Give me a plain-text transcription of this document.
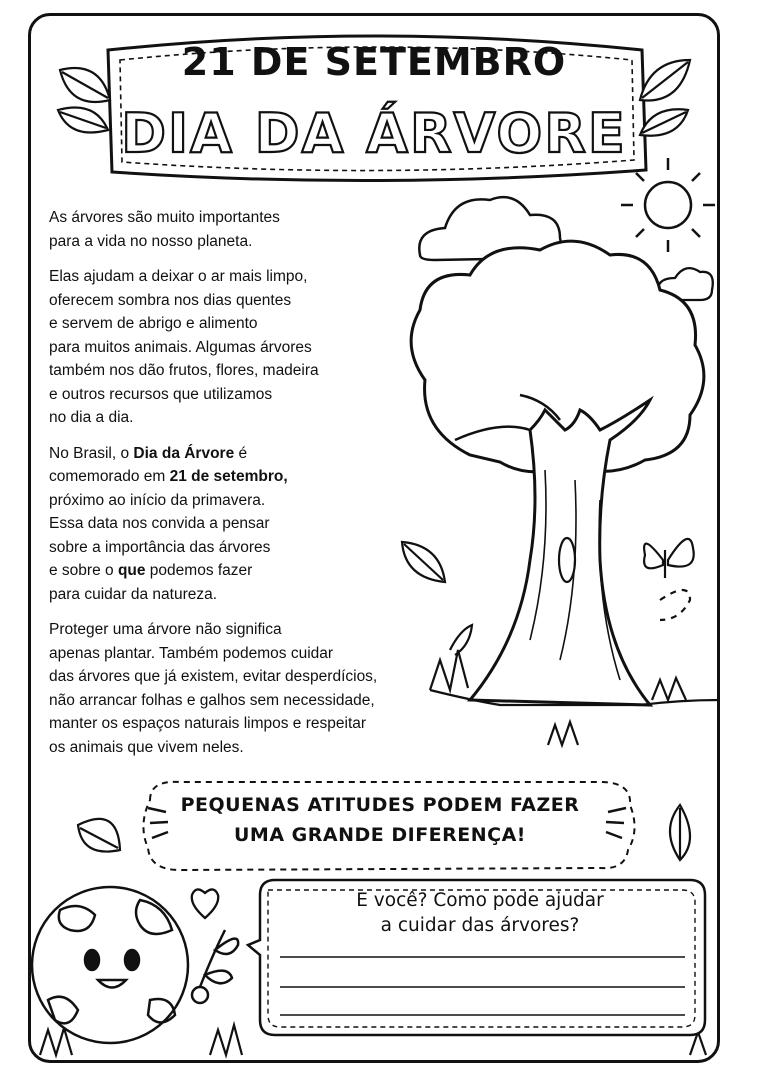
21 DE SETEMBRO
DIA DA ÁRVORE

As árvores são muito importantes
para a vida no nosso planeta.

Elas ajudam a deixar o ar mais limpo,
oferecem sombra nos dias quentes
e servem de abrigo e alimento
para muitos animais. Algumas árvores
também nos dão frutos, flores, madeira
e outros recursos que utilizamos
no dia a dia.

No Brasil, o Dia da Árvore é
comemorado em 21 de setembro,
próximo ao início da primavera.
Essa data nos convida a pensar
sobre a importância das árvores
e sobre o que podemos fazer
para cuidar da natureza.

Proteger uma árvore não significa
apenas plantar. Também podemos cuidar
das árvores que já existem, evitar desperdícios,
não arrancar folhas e galhos sem necessidade,
manter os espaços naturais limpos e respeitar
os animais que vivem neles.

PEQUENAS ATITUDES PODEM FAZER
UMA GRANDE DIFERENÇA!
E você? Como pode ajudar
a cuidar das árvores?
